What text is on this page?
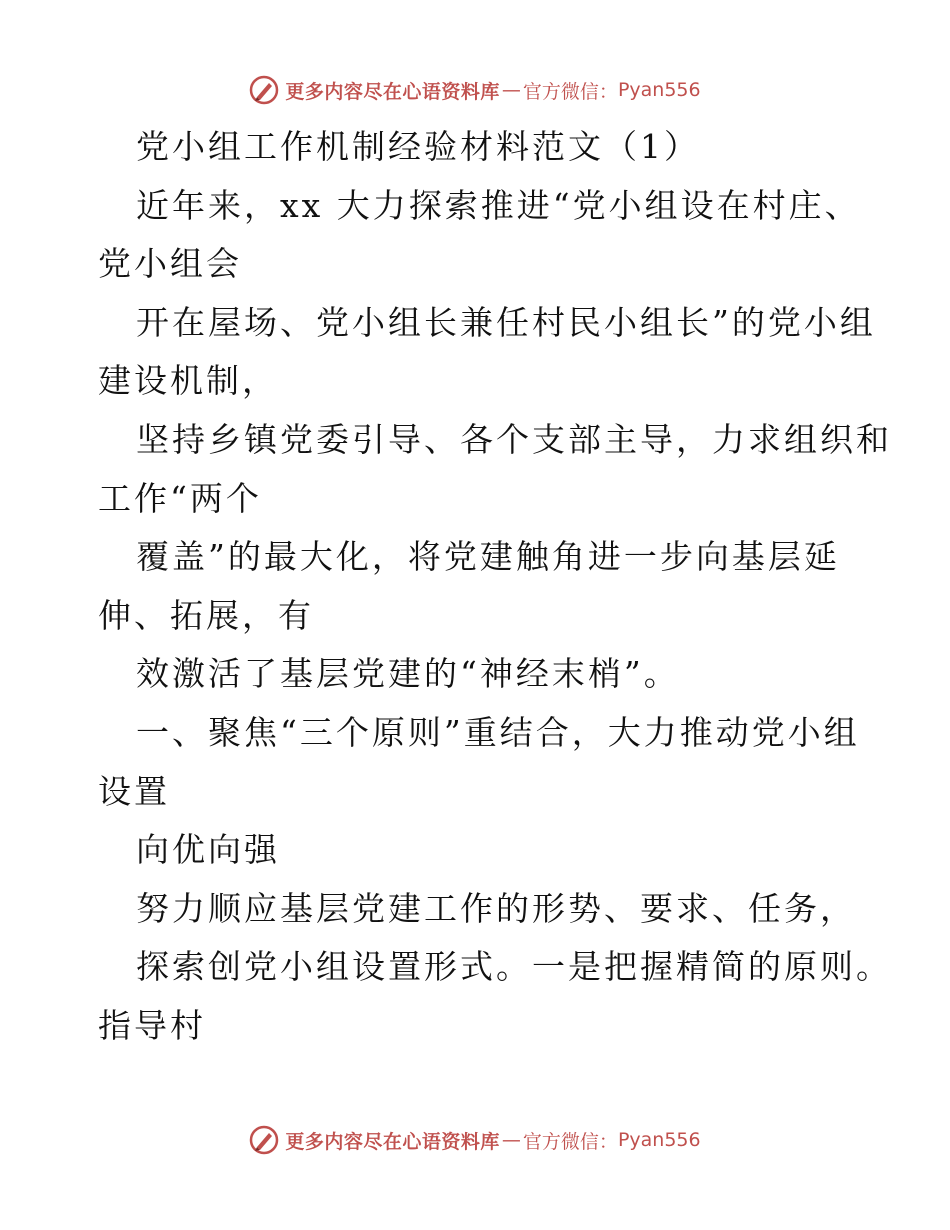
更多内容尽在心语资料库 — 官方微信： Pyan556
党小组工作机制经验材料范文（1）
近年来，xx 大力探索推进“党小组设在村庄、
党小组会
开在屋场、党小组长兼任村民小组长”的党小组
建设机制，
坚持乡镇党委引导、各个支部主导，力求组织和
工作“两个
覆盖”的最大化，将党建触角进一步向基层延
伸、拓展，有
效激活了基层党建的“神经末梢”。
一、聚焦“三个原则”重结合，大力推动党小组
设置
向优向强
努力顺应基层党建工作的形势、要求、任务，
探索创党小组设置形式。一是把握精简的原则。
指导村
更多内容尽在心语资料库 — 官方微信： Pyan556
